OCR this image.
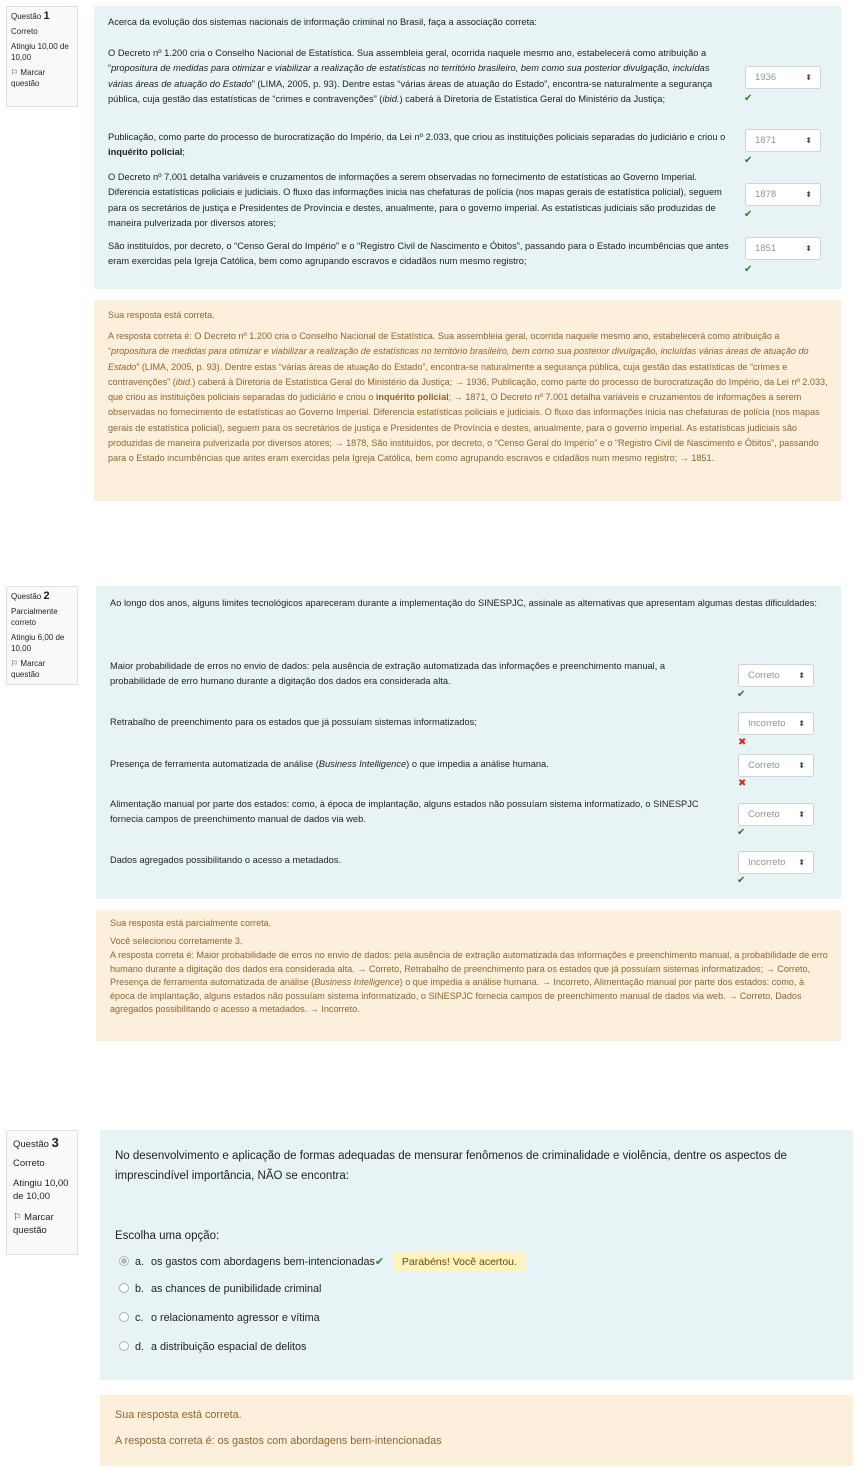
Questão 1
Correto
Atingiu 10,00 de 10,00
⚐ Marcar questão
Acerca da evolução dos sistemas nacionais de informação criminal no Brasil, faça a associação correta:
O Decreto nº 1.200 cria o Conselho Nacional de Estatística. Sua assembleia geral, ocorrida naquele mesmo ano, estabelecerá como atribuição a “propositura de medidas para otimizar e viabilizar a realização de estatísticas no território brasileiro, bem como sua posterior divulgação, incluídas várias áreas de atuação do Estado” (LIMA, 2005, p. 93). Dentre estas “várias áreas de atuação do Estado”, encontra-se naturalmente a segurança pública, cuja gestão das estatísticas de “crimes e contravenções” (ibid.) caberá à Diretoria de Estatística Geral do Ministério da Justiça;
1936	⬍
✔
Publicação, como parte do processo de burocratização do Império, da Lei nº 2.033, que criou as instituições policiais separadas do judiciário e criou o inquérito policial;
1871	⬍
✔
O Decreto nº 7.001 detalha variáveis e cruzamentos de informações a serem observadas no fornecimento de estatísticas ao Governo Imperial. Diferencia estatísticas policiais e judiciais. O fluxo das informações inicia nas chefaturas de polícia (nos mapas gerais de estatística policial), seguem para os secretários de justiça e Presidentes de Província e destes, anualmente, para o governo imperial. As estatísticas judiciais são produzidas de maneira pulverizada por diversos atores;
1878	⬍
✔
São instituídos, por decreto, o “Censo Geral do Império” e o “Registro Civil de Nascimento e Óbitos”, passando para o Estado incumbências que antes eram exercidas pela Igreja Católica, bem como agrupando escravos e cidadãos num mesmo registro;
1851	⬍
✔
Sua resposta está correta.
A resposta correta é: O Decreto nº 1.200 cria o Conselho Nacional de Estatística. Sua assembleia geral, ocorrida naquele mesmo ano, estabelecerá como atribuição a “propositura de medidas para otimizar e viabilizar a realização de estatísticas no território brasileiro, bem como sua posterior divulgação, incluídas várias áreas de atuação do Estado” (LIMA, 2005, p. 93). Dentre estas “várias áreas de atuação do Estado”, encontra-se naturalmente a segurança pública, cuja gestão das estatísticas de “crimes e contravenções” (ibid.) caberá à Diretoria de Estatística Geral do Ministério da Justiça; → 1936, Publicação, como parte do processo de burocratização do Império, da Lei nº 2.033, que criou as instituições policiais separadas do judiciário e criou o inquérito policial; → 1871, O Decreto nº 7.001 detalha variáveis e cruzamentos de informações a serem observadas no fornecimento de estatísticas ao Governo Imperial. Diferencia estatísticas policiais e judiciais. O fluxo das informações inicia nas chefaturas de polícia (nos mapas gerais de estatística policial), seguem para os secretários de justiça e Presidentes de Província e destes, anualmente, para o governo imperial. As estatísticas judiciais são produzidas de maneira pulverizada por diversos atores; → 1878, São instituídos, por decreto, o “Censo Geral do Império” e o “Registro Civil de Nascimento e Óbitos”, passando para o Estado incumbências que antes eram exercidas pela Igreja Católica, bem como agrupando escravos e cidadãos num mesmo registro; → 1851.
Questão 2
Parcialmente correto
Atingiu 6,00 de 10,00
⚐ Marcar questão
Ao longo dos anos, alguns limites tecnológicos apareceram durante a implementação do SINESPJC, assinale as alternativas que apresentam algumas destas dificuldades:
Maior probabilidade de erros no envio de dados: pela ausência de extração automatizada das informações e preenchimento manual, a probabilidade de erro humano durante a digitação dos dados era considerada alta.
Correto ⬍
✔
Retrabalho de preenchimento para os estados que já possuíam sistemas informatizados;	Incorreto ⬍
✖
Presença de ferramenta automatizada de análise (Business Intelligence) o que impedia a análise humana.	Correto ⬍
✖
Alimentação manual por parte dos estados: como, à época de implantação, alguns estados não possuíam sistema informatizado, o SINESPJC fornecia campos de preenchimento manual de dados via web.	Correto ⬍
✔
Dados agregados possibilitando o acesso a metadados.	Incorreto ⬍
✔
Sua resposta está parcialmente correta.
Você selecionou corretamente 3.
A resposta correta é: Maior probabilidade de erros no envio de dados: pela ausência de extração automatizada das informações e preenchimento manual, a probabilidade de erro humano durante a digitação dos dados era considerada alta. → Correto, Retrabalho de preenchimento para os estados que já possuíam sistemas informatizados; → Correto, Presença de ferramenta automatizada de análise (Business Intelligence) o que impedia a análise humana. → Incorreto, Alimentação manual por parte dos estados: como, à época de implantação, alguns estados não possuíam sistema informatizado, o SINESPJC fornecia campos de preenchimento manual de dados via web. → Correto, Dados agregados possibilitando o acesso a metadados. → Incorreto.
Questão 3
Correto
Atingiu 10,00 de 10,00
⚐ Marcar questão
No desenvolvimento e aplicação de formas adequadas de mensurar fenômenos de criminalidade e violência, dentre os aspectos de imprescindível importância, NÃO se encontra:
Escolha uma opção:
a. os gastos com abordagens bem-intencionadas✔ Parabéns! Você acertou.
b. as chances de punibilidade criminal
c. o relacionamento agressor e vítima
d. a distribuição espacial de delitos
Sua resposta está correta.
A resposta correta é: os gastos com abordagens bem-intencionadas
